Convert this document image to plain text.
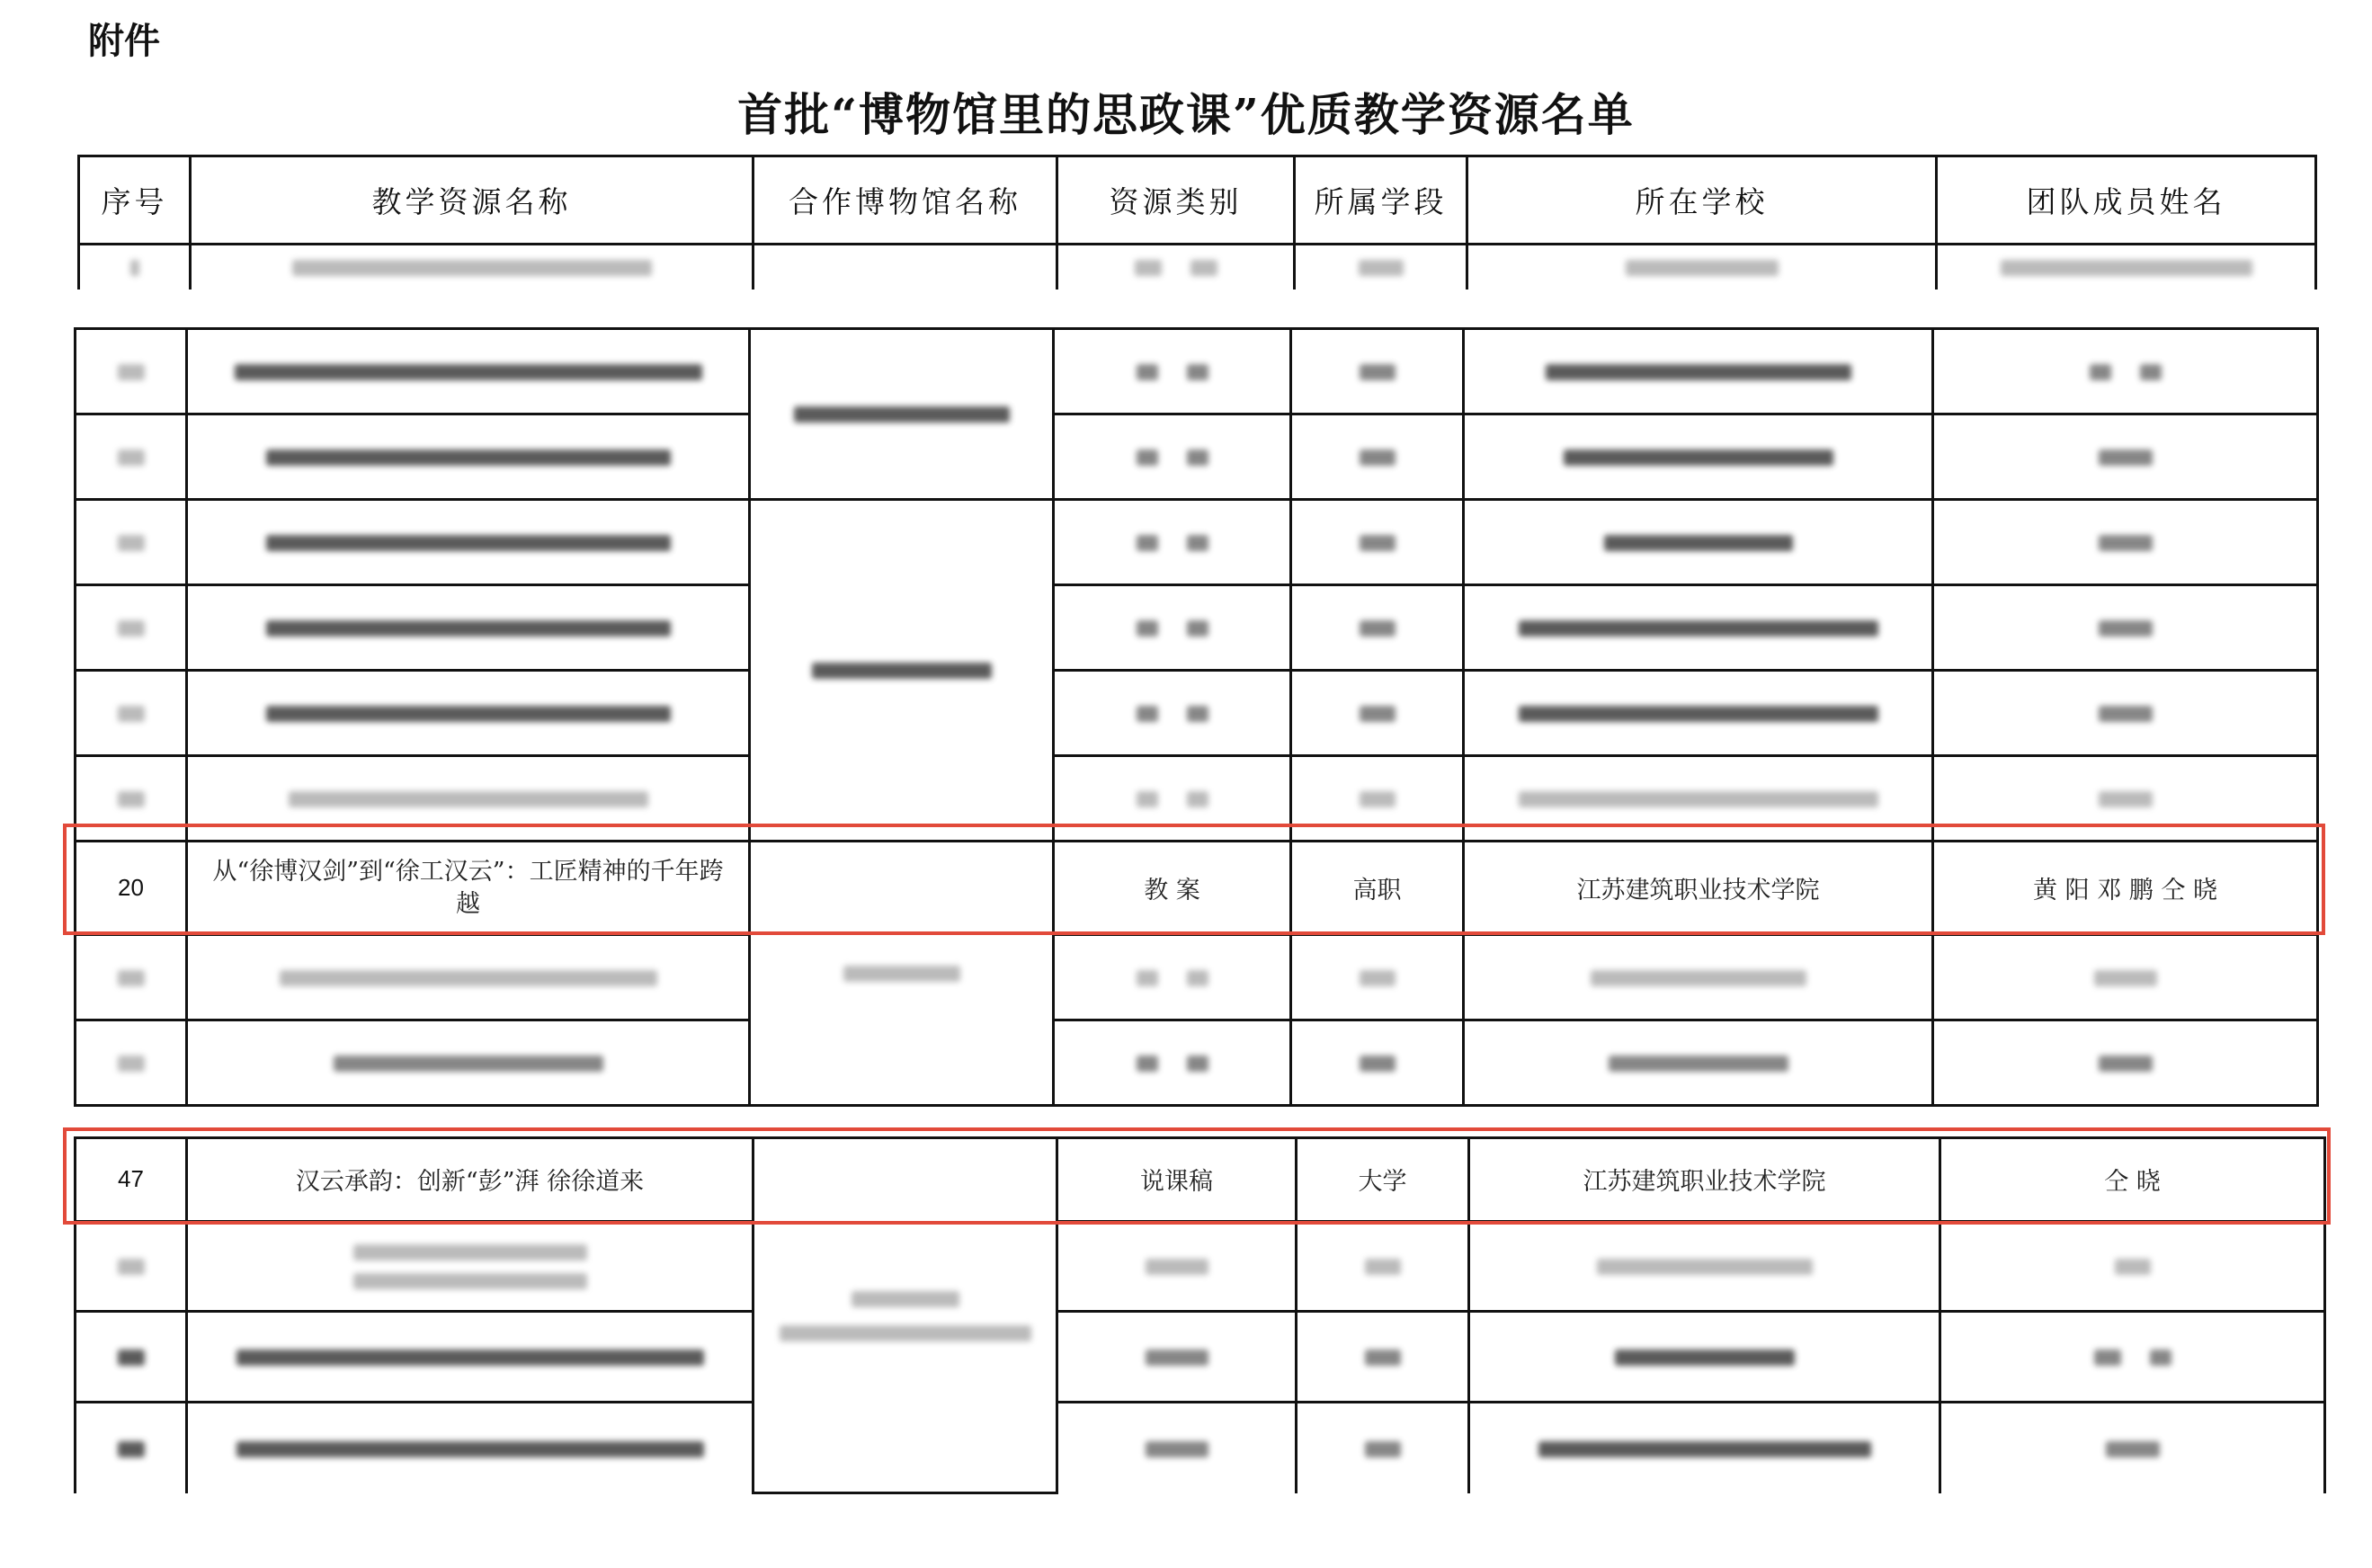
附件
首批“博物馆里的思政课”优质教学资源名单
序号	教学资源名称	合作博物馆名称	资源类别	所属学段	所在学校	团队成员姓名

20	从“徐博汉剑”到“徐工汉云”：工匠精神的千年跨越		教 案	高职	江苏建筑职业技术学院	黄 阳 邓 鹏 仝 晓

47	汉云承韵：创新“彭”湃 徐徐道来		说课稿	大学	江苏建筑职业技术学院	仝 晓
